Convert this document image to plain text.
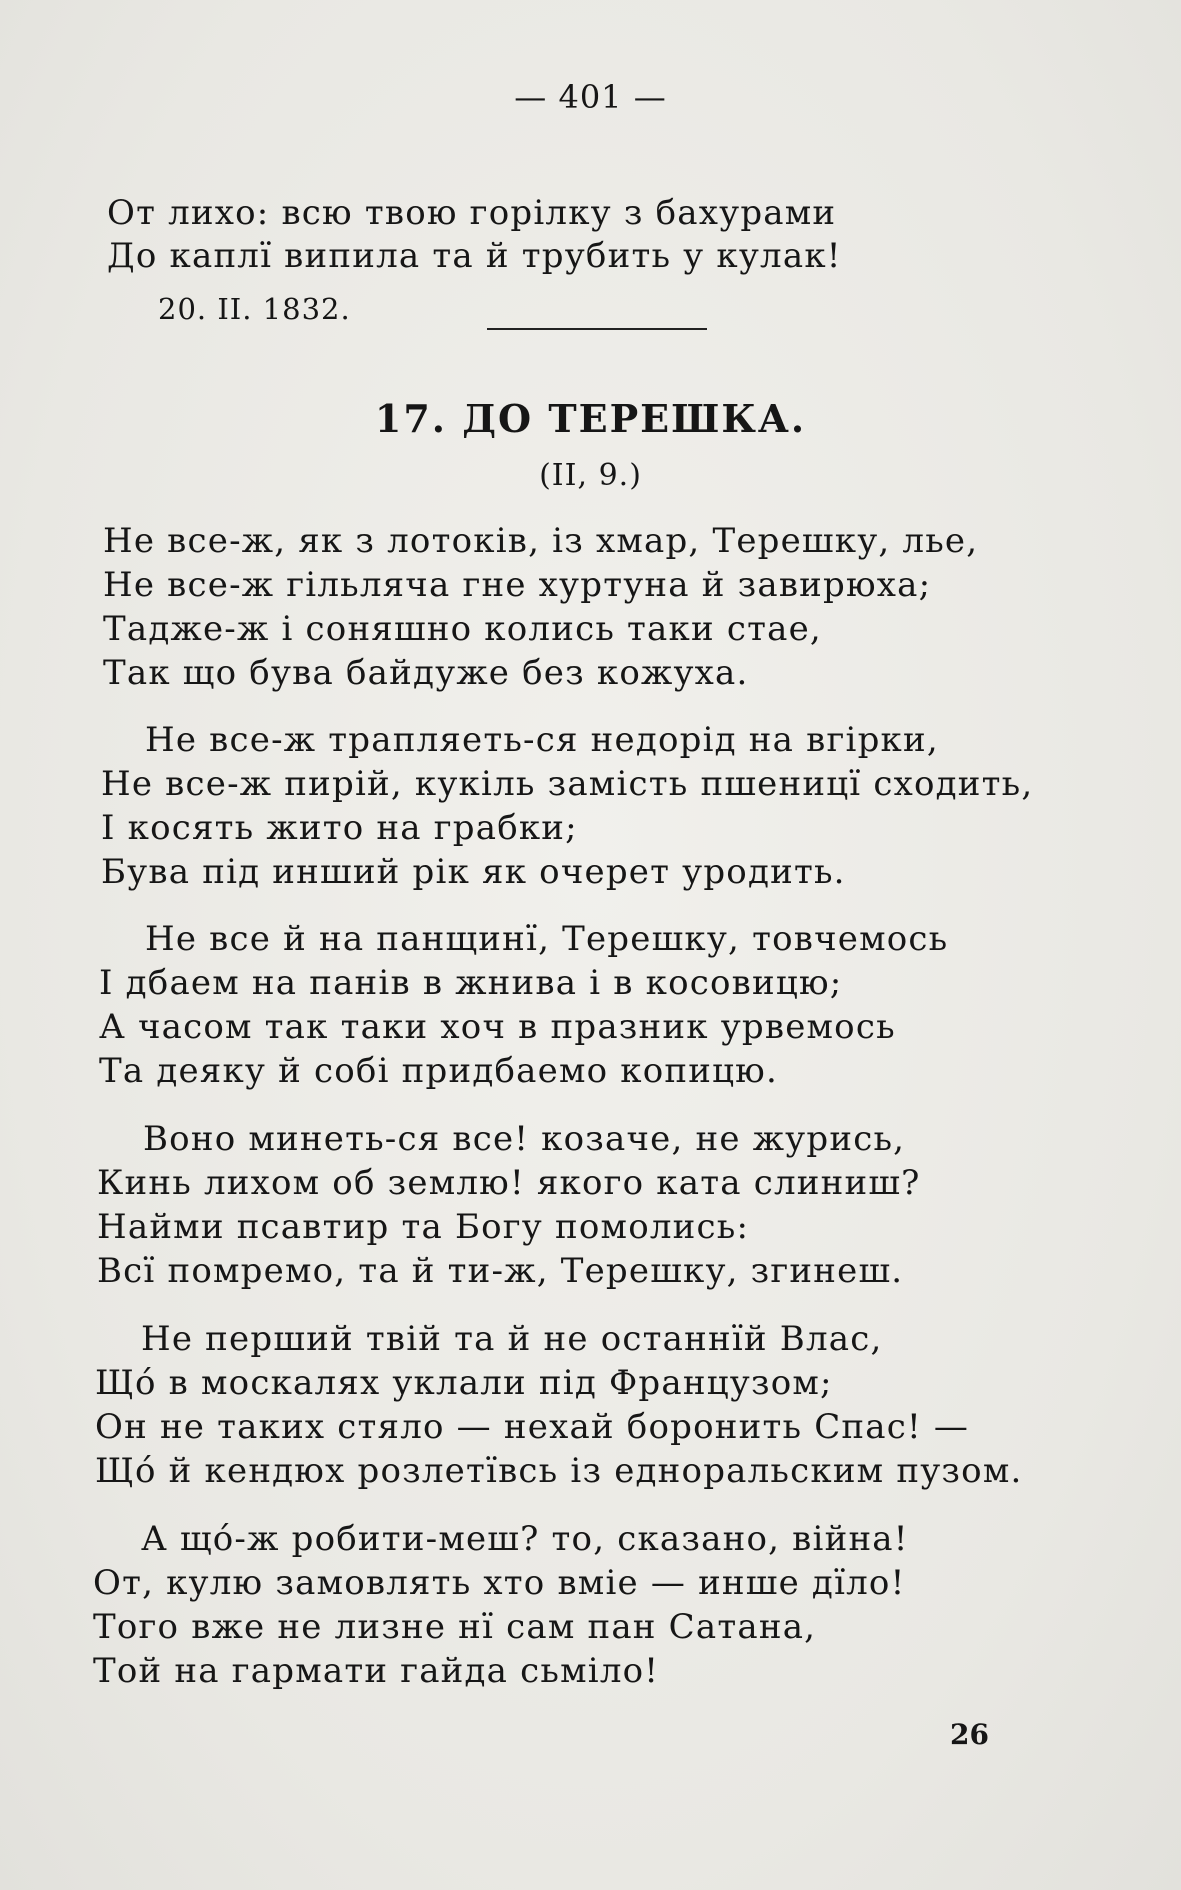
— 401 —
От лихо: всю твою горілку з бахурами
До каплї випила та й трубить у кулак!
20. II. 1832.
17. ДО ТЕРЕШКА.
(II, 9.)
Не все-ж, як з лотоків, із хмар, Терешку, лье,
Не все-ж гільляча гне хуртуна й завирюха;
Тадже-ж і соняшно колись таки стае,
Так що бува байдуже без кожуха.
Не все-ж трапляеть-ся недорід на вгірки,
Не все-ж пирій, кукіль замість пшеницї сходить,
І косять жито на грабки;
Бува під инший рік як очерет уродить.
Не все й на панщинї, Терешку, товчемось
І дбаем на панів в жнива і в косовицю;
А часом так таки хоч в празник урвемось
Та деяку й собі придбаемо копицю.
Воно минеть-ся все! козаче, не журись,
Кинь лихом об землю! якого ката слиниш?
Найми псавтир та Богу помолись:
Всї помремо, та й ти-ж, Терешку, згинеш.
Не перший твій та й не останнїй Влас,
Щó в москалях уклали під Французом;
Он не таких стяло — нехай боронить Спас! —
Щó й кендюх розлетївсь із едноральским пузом.
А щó-ж робити-меш? то, сказано, війна!
От, кулю замовлять хто вміе — инше дїло!
Того вже не лизне нї сам пан Сатана,
Той на гармати гайда сьміло!
26
